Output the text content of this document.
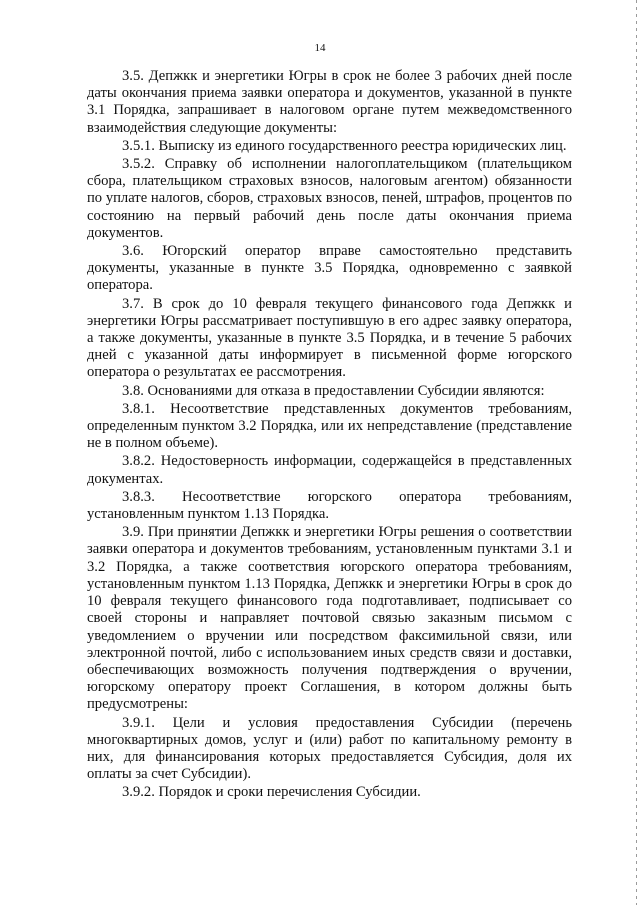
14

3.5. Депжкк и энергетики Югры в срок не более 3 рабочих дней после даты окончания приема заявки оператора и документов, указанной в пункте 3.1 Порядка, запрашивает в налоговом органе путем межведомственного взаимодействия следующие документы:

3.5.1. Выписку из единого государственного реестра юридических лиц.

3.5.2. Справку об исполнении налогоплательщиком (плательщиком сбора, плательщиком страховых взносов, налоговым агентом) обязанности по уплате налогов, сборов, страховых взносов, пеней, штрафов, процентов по состоянию на первый рабочий день после даты окончания приема документов.

3.6. Югорский оператор вправе самостоятельно представить документы, указанные в пункте 3.5 Порядка, одновременно с заявкой оператора.

3.7. В срок до 10 февраля текущего финансового года Депжкк и энергетики Югры рассматривает поступившую в его адрес заявку оператора, а также документы, указанные в пункте 3.5 Порядка, и в течение 5 рабочих дней с указанной даты информирует в письменной форме югорского оператора о результатах ее рассмотрения.

3.8. Основаниями для отказа в предоставлении Субсидии являются:

3.8.1. Несоответствие представленных документов требованиям, определенным пунктом 3.2 Порядка, или их непредставление (представление не в полном объеме).

3.8.2. Недостоверность информации, содержащейся в представленных документах.

3.8.3. Несоответствие югорского оператора требованиям, установленным пунктом 1.13 Порядка.

3.9. При принятии Депжкк и энергетики Югры решения о соответствии заявки оператора и документов требованиям, установленным пунктами 3.1 и 3.2 Порядка, а также соответствия югорского оператора требованиям, установленным пунктом 1.13 Порядка, Депжкк и энергетики Югры в срок до 10 февраля текущего финансового года подготавливает, подписывает со своей стороны и направляет почтовой связью заказным письмом с уведомлением о вручении или посредством факсимильной связи, или электронной почтой, либо с использованием иных средств связи и доставки, обеспечивающих возможность получения подтверждения о вручении, югорскому оператору проект Соглашения, в котором должны быть предусмотрены:

3.9.1. Цели и условия предоставления Субсидии (перечень многоквартирных домов, услуг и (или) работ по капитальному ремонту в них, для финансирования которых предоставляется Субсидия, доля их оплаты за счет Субсидии).

3.9.2. Порядок и сроки перечисления Субсидии.
